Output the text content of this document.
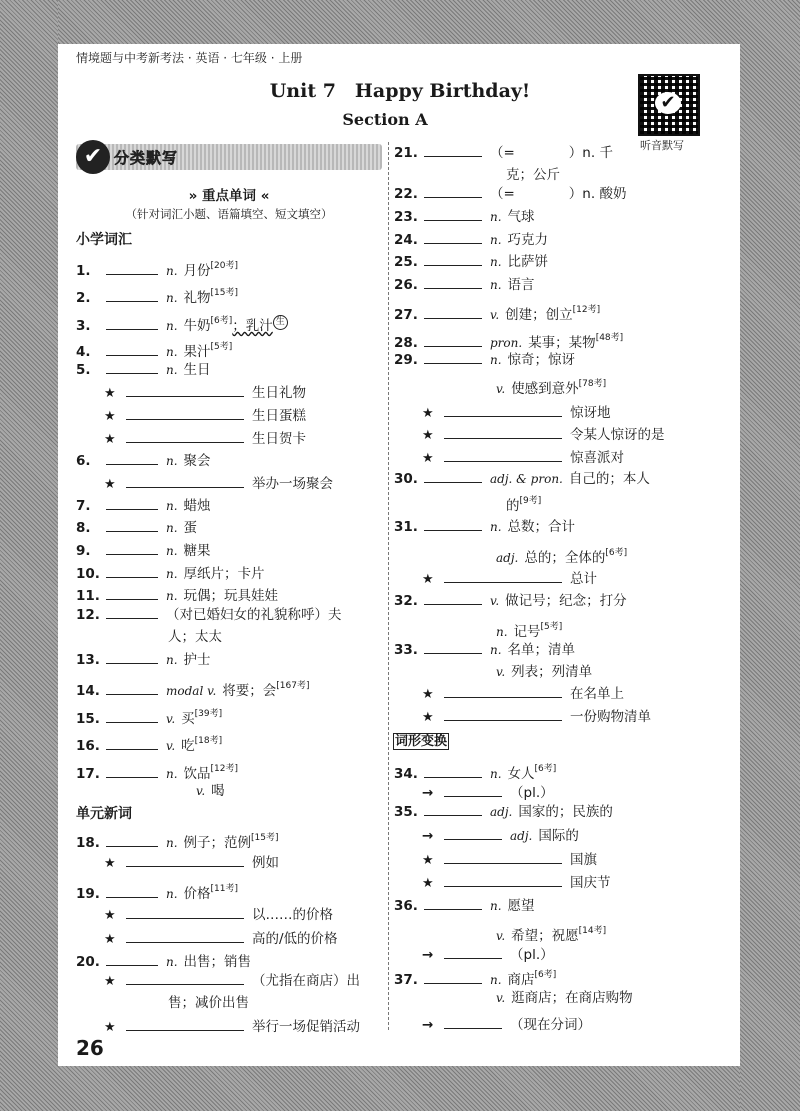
情境题与中考新考法 · 英语 · 七年级 · 上册
Unit 7　Happy Birthday!
Section A
✔
听音默写
✔ 分类默写
» 重点单词 «
（针对词汇小题、语篇填空、短文填空）
小学词汇
单元新词
词形变换
26
1.	n. 月份[20考]
2.	n. 礼物[15考]
3.	n. 牛奶[6考]；乳汁 生
4.	n. 果汁[5考]
5.	n. 生日
★	生日礼物
★	生日蛋糕
★	生日贺卡
6.	n. 聚会
★	举办一场聚会
7.	n. 蜡烛
8.	n. 蛋
9.	n. 糖果
10.	n. 厚纸片；卡片
11.	n. 玩偶；玩具娃娃
12.	（对已婚妇女的礼貌称呼）夫
人；太太
13.	n. 护士
14.	modal v. 将要；会[167考]
15.	v. 买[39考]
16.	v. 吃[18考]
17.	n. 饮品[12考]
v. 喝
18.	n. 例子；范例[15考]
★	例如
19.	n. 价格[11考]
★	以……的价格
★	高的/低的价格
20.	n. 出售；销售
★	（尤指在商店）出
售；减价出售
★	举行一场促销活动
21.	（=　　　　）n. 千
克；公斤
22.	（=　　　　）n. 酸奶
23.	n. 气球
24.	n. 巧克力
25.	n. 比萨饼
26.	n. 语言
27.	v. 创建；创立[12考]
28.	pron. 某事；某物[48考]
29.	n. 惊奇；惊讶
v. 使感到意外[78考]
★	惊讶地
★	令某人惊讶的是
★	惊喜派对
30.	adj. & pron. 自己的；本人
的[9考]
31.	n. 总数；合计
adj. 总的；全体的[6考]
★	总计
32.	v. 做记号；纪念；打分
n. 记号[5考]
33.	n. 名单；清单
v. 列表；列清单
★	在名单上
★	一份购物清单
34.	n. 女人[6考]
→	（pl.）
35.	adj. 国家的；民族的
→	adj. 国际的
★	国旗
★	国庆节
36.	n. 愿望
v. 希望；祝愿[14考]
→	（pl.）
37.	n. 商店[6考]
v. 逛商店；在商店购物
→	（现在分词）
